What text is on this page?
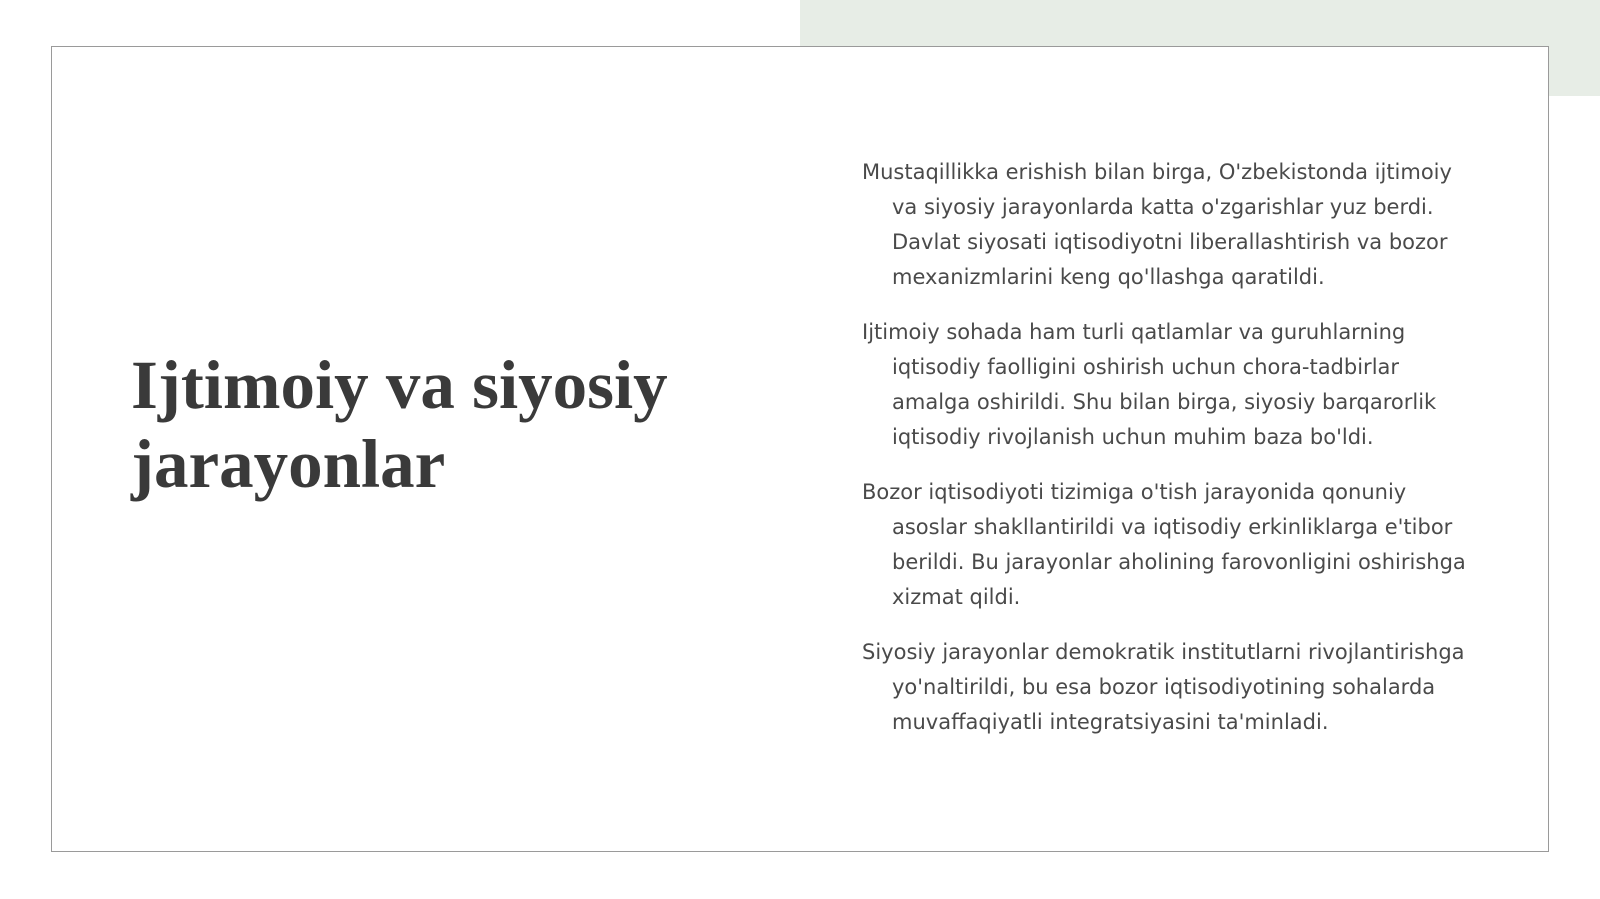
Ijtimoiy va siyosiy jarayonlar

Mustaqillikka erishish bilan birga, O'zbekistonda ijtimoiy va siyosiy jarayonlarda katta o'zgarishlar yuz berdi. Davlat siyosati iqtisodiyotni liberallashtirish va bozor mexanizmlarini keng qo'llashga qaratildi.

Ijtimoiy sohada ham turli qatlamlar va guruhlarning iqtisodiy faolligini oshirish uchun chora-tadbirlar amalga oshirildi. Shu bilan birga, siyosiy barqarorlik iqtisodiy rivojlanish uchun muhim baza bo'ldi.

Bozor iqtisodiyoti tizimiga o'tish jarayonida qonuniy asoslar shakllantirildi va iqtisodiy erkinliklarga e'tibor berildi. Bu jarayonlar aholining farovonligini oshirishga xizmat qildi.

Siyosiy jarayonlar demokratik institutlarni rivojlantirishga yo'naltirildi, bu esa bozor iqtisodiyotining sohalarda muvaffaqiyatli integratsiyasini ta'minladi.
